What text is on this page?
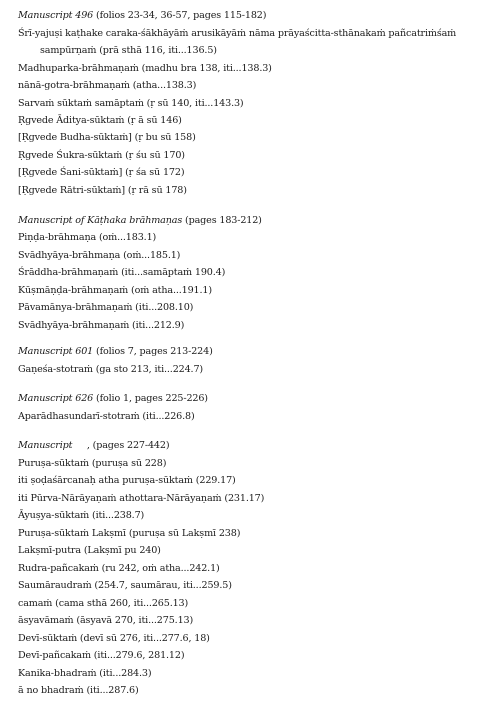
Manuscript 496 (folios 23-34, 36-57, pages 115-182)
Śrī-yajuṣi kaṭhake caraka-śākhāyāṁ arusikāyāṁ nāma prāyaścitta-sthānakaṁ pañcatriṁśaṁ
sampūrṇaṁ (prā sthā 116, iti...136.5)
Madhuparka-brāhmaṇaṁ (madhu bra 138, iti...138.3)
nānā-gotra-brāhmaṇaṁ (atha...138.3)
Sarvaṁ sūktaṁ samāptaṁ (ṛ sū 140, iti...143.3)
Ṛgvede Āditya-sūktaṁ (ṛ ā sū 146)
[Ṛgvede Budha-sūktaṁ] (ṛ bu sū 158)
Ṛgvede Śukra-sūktaṁ (ṛ śu sū 170)
[Ṛgvede Śani-sūktaṁ] (ṛ śa sū 172)
[Ṛgvede Rātri-sūktaṁ] (ṛ rā sū 178)
Manuscript of Kāṭhaka brāhmaṇas (pages 183-212)
Piṇḍa-brāhmaṇa (oṁ...183.1)
Svādhyāya-brāhmaṇa (oṁ...185.1)
Śrāddha-brāhmaṇaṁ (iti...samāptaṁ 190.4)
Kūṣmāṇḍa-brāhmaṇaṁ (oṁ atha...191.1)
Pāvamānya-brāhmaṇaṁ (iti...208.10)
Svādhyāya-brāhmaṇaṁ (iti...212.9)
Manuscript 601 (folios 7, pages 213-224)
Gaṇeśa-stotraṁ (ga sto 213, iti...224.7)
Manuscript 626 (folio 1, pages 225-226)
Aparādhasundarī-stotraṁ (iti...226.8)
Manuscript     , (pages 227-442)
Puruṣa-sūktaṁ (puruṣa sū 228)
iti ṣoḍaśārcanaḥ atha puruṣa-sūktaṁ (229.17)
iti Pūrva-Nārāyaṇaṁ athottara-Nārāyaṇaṁ (231.17)
Āyuṣya-sūktaṁ (iti...238.7)
Puruṣa-sūktaṁ Lakṣmī (puruṣa sū Lakṣmī 238)
Lakṣmī-putra (Lakṣmī pu 240)
Rudra-pañcakaṁ (ru 242, oṁ atha...242.1)
Saumāraudraṁ (254.7, saumārau, iti...259.5)
camaṁ (cama sthā 260, iti...265.13)
āsyavāmaṁ (āsyavā 270, iti...275.13)
Devī-sūktaṁ (devī sū 276, iti...277.6, 18)
Devī-pañcakaṁ (iti...279.6, 281.12)
Kanika-bhadraṁ (iti...284.3)
ā no bhadraṁ (iti...287.6)
